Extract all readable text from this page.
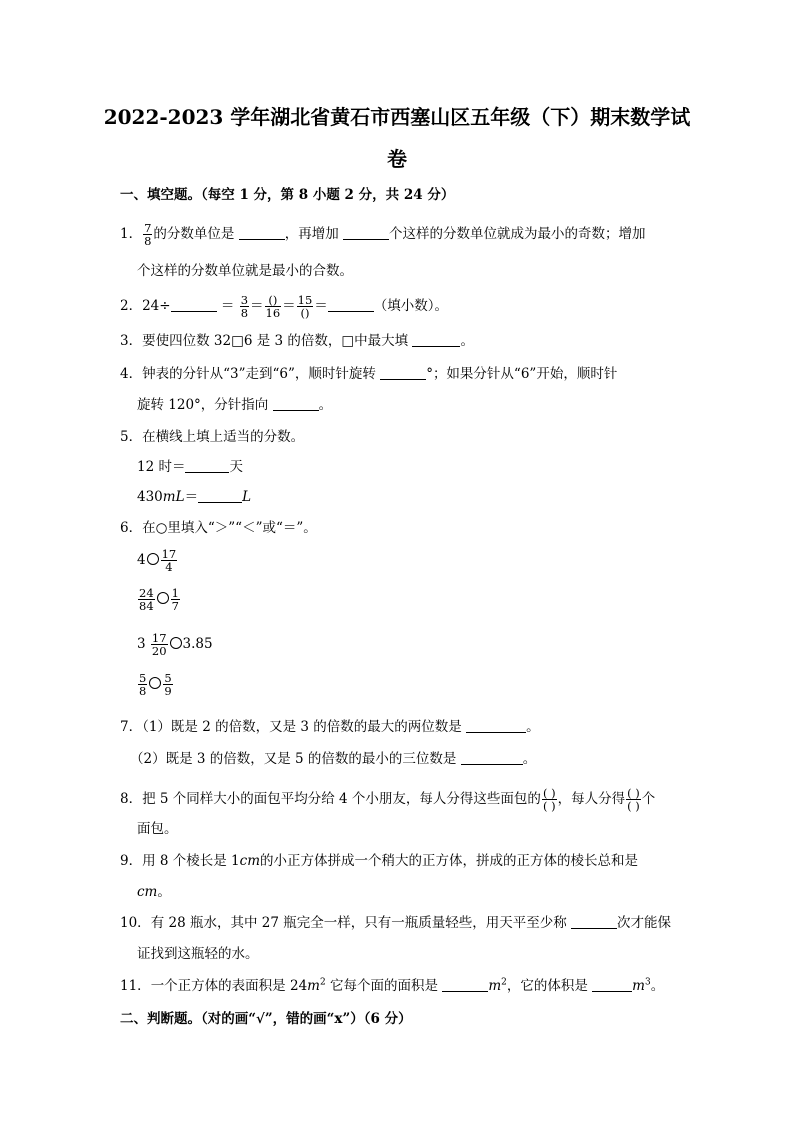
2022-2023 学年湖北省黄石市西塞山区五年级（下）期末数学试
卷
一、填空题。（每空 1 分，第 8 小题 2 分，共 24 分）
1． $\frac{7}{8}$ 的分数单位是	，再增加	个这样的分数单位就成为最小的奇数；增加
个这样的分数单位就是最小的合数。
2．24÷	＝ $\frac{3}{8} = \frac{()}{16} = \frac{15}{()}$ ＝	（填小数）。
3．要使四位数 32□6 是 3 的倍数，□中最大填	。
4．钟表的分针从“3”走到“6”，顺时针旋转	°；如果分针从“6”开始，顺时针
旋转 120°，分针指向	。
5．在横线上填上适当的分数。
12 时＝	天
430mL＝	L
6．在○里填入“＞”“＜”或“＝”。
$4 \frac{17}{4}$
$\frac{24}{84} \frac{1}{7}$
$3 \frac{17}{20} 3.85$
$\frac{5}{8} \frac{5}{9}$
7．（1）既是 2 的倍数，又是 3 的倍数的最大的两位数是	。
（2）既是 3 的倍数，又是 5 的倍数的最小的三位数是	。
8．把 5 个同样大小的面包平均分给 4 个小朋友，每人分得这些面包的 $\frac{( )}{( )}$ ，每人分得 $\frac{( )}{( )}$ 个
面包。
9．用 8 个棱长是 1cm的小正方体拼成一个稍大的正方体，拼成的正方体的棱长总和是
cm。
10．有 28 瓶水，其中 27 瓶完全一样，只有一瓶质量轻些，用天平至少称	次才能保
证找到这瓶轻的水。
11．一个正方体的表面积是 $24m^2$ 它每个面的面积是	$m^2$，它的体积是	$m^3$。
二、判断题。（对的画“√”，错的画“x”）（6 分）
